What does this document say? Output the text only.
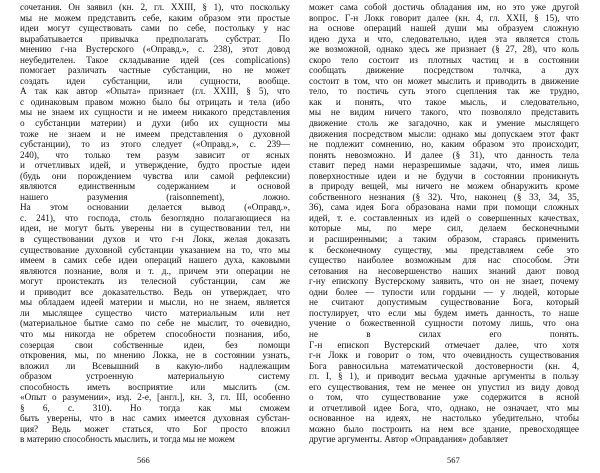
сочетания. Он заявил (кн. 2, гл. XXIII, § 1), что поскольку
мы не можем представить себе, каким образом эти простые
идеи могут существовать сами по себе, постольку у нас
вырабатывается привычка предполагать субстрат. По
мнению г-на Вустерского («Оправд.», с. 238), этот довод
неубедителен. Такое складывание идей (ces complications)
помогает различать частные субстанции, но не может
создать идеи субстанции, или сущности, вообще.
А так как автор «Опыта» признает (гл. XXIII, § 5), что
с одинаковым правом можно было бы отрицать и тела (ибо
мы не знаем их сущности и не имеем никакого представления
о субстанции материи) и духи (ибо их сущности мы
тоже не знаем и не имеем представления о духовной
субстанции), то из этого следует («Оправд.», с. 239—
240), что только тем разум зависит от ясных
и отчетливых идей, и утверждение, будто простые идеи
(будь они порождением чувства или самой рефлексии)
являются единственным содержанием и основой
нашего разумения (raisonnement), ложно.
На этом основании делается вывод («Оправд.»,
с. 241), что господа, столь безоглядно полагающиеся на
идеи, не могут быть уверены ни в существовании тел, ни
в существовании духов и что г-н Локк, желая доказать
существование духовной субстанции указанием на то, что мы
имеем в самих себе идеи операций нашего духа, каковыми
являются познание, воля и т. д., причем эти операции не
могут проистекать из телесной субстанции, сам же
и приводит все доказательство. Ведь он утверждает, что
мы обладаем идеей материи и мысли, но не знаем, является
ли мыслящее существо чисто материальным или нет
(материальное бытие само по себе не мыслит, то очевидно,
что мы никогда не обретем способности познания, ибо,
созерцая свои собственные идеи, без помощи
откровения, мы, по мнению Локка, не в состоянии узнать,
вложил ли Всевышний в какую-либо надлежащим
образом устроенную материальную систему
способность иметь восприятие или мыслить (см.
«Опыт о разумении», изд. 2-е, [англ.], кн. 3, гл. III, особенно
§ 6, с. 310). Но тогда как мы сможем
быть уверены, что в нас самих имеется духовная субстан-
ция? Ведь может статься, что Бог просто вложил
в материю способность мыслить, и тогда мы не можем
может сама собой достичь обладания им, но это уже другой
вопрос. Г-н Локк говорит далее (кн. 4, гл. XXII, § 15), что
на основе операций нашей души мы образуем сложную
идею духа и что, следовательно, идея эта является столь
же возможной, однако здесь же признает (§ 27, 28), что коль
скоро тело состоит из плотных частиц и в состоянии
сообщать движение посредством толчка, а дух
состоит в том, что он может мыслить и приводить в движение
тело, то постичь суть этого сцепления так же трудно,
как и понять, что такое мысль, и следовательно,
мы не видим ничего такого, что позволяло представить
движение столь же загадочно, как и умение мыслящего
движения посредством мысли: однако мы допускаем этот факт
не подлежит сомнению, но, каким образом это происходит,
понять невозможно. И далее (§ 31), что данность тела
ставит перед нами неразрешимые задачи, что, имея лишь
поверхностные идеи и не будучи в состоянии проникнуть
в природу вещей, мы ничего не можем обнаружить кроме
собственного незнания (§ 32). Что, наконец (§ 33, 34, 35,
36), сама идея Бога образована нами при помощи сложных
идей, т. е. составленных из идей о совершенных качествах,
которые мы, по мере сил, делаем бесконечными
и расширенными; а таким образом, стараясь применить
к бесконечному существу, мы представляем себе это
существо наиболее возможным для нас способом. Эти
сетования на несовершенство наших знаний дают повод
г-ну епископу Вустерскому заявить, что он не знает, почему
одни более — тупости или гордыни — у людей, которые
не считают допустимым существование Бога, который
постулирует, что если мы будем иметь данность, то наше
учение о божественной сущности потому лишь, что она
не в силах его понять.
Г-н епископ Вустерский отмечает далее, что хотя
г-н Локк и говорит о том, что очевидность существования
Бога равносильна математической достоверности (кн. 4,
гл. I, § 1), и приводит весьма удачные аргументы в пользу
его существования, тем не менее он упустил из виду довод
о том, что существование уже содержится в ясной
и отчетливой идее Бога, что, однако, не означает, что мы
основанное на идеях, не настолько убедительно, чтобы
можно было построить на нем все здание, превосходящее
другие аргументы. Автор «Оправдания» добавляет
566	567
